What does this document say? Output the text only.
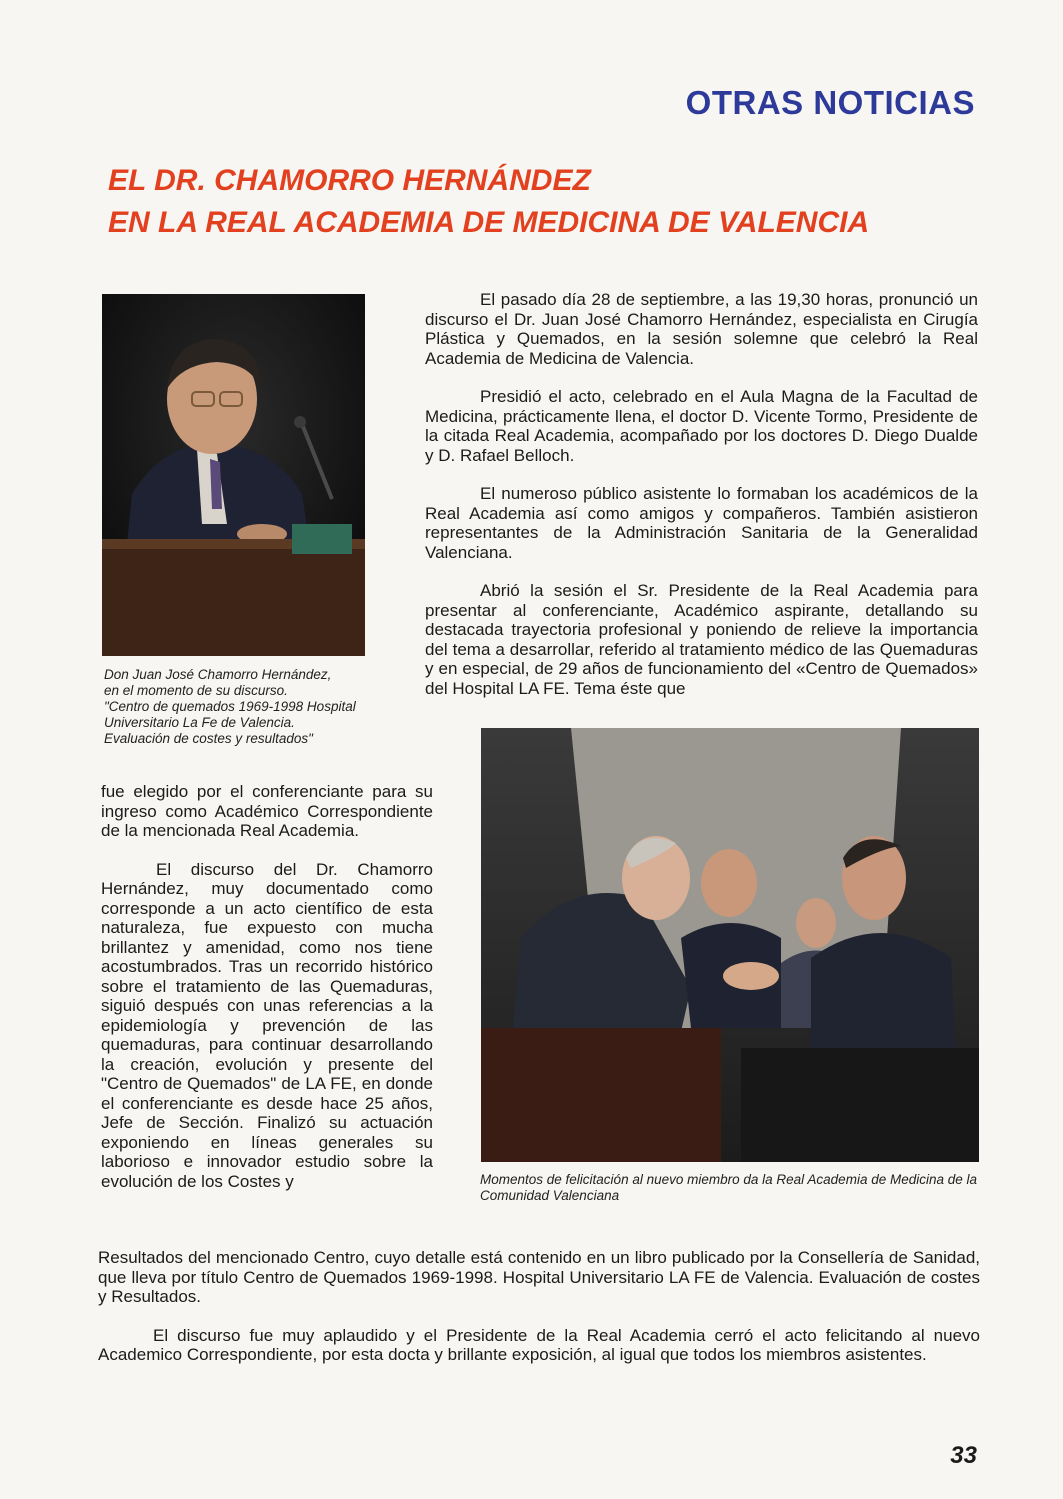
OTRAS NOTICIAS
EL DR. CHAMORRO HERNÁNDEZ
EN LA REAL ACADEMIA DE MEDICINA DE VALENCIA
Don Juan José Chamorro Hernández,
en el momento de su discurso.
"Centro de quemados 1969-1998 Hospital
Universitario La Fe de Valencia.
Evaluación de costes y resultados"
Momentos de felicitación al nuevo miembro da la Real Academia de Medicina de la Comunidad Valenciana

El pasado día 28 de septiembre, a las 19,30 horas, pronunció un discurso el Dr. Juan José Chamorro Hernández, especialista en Cirugía Plástica y Quemados, en la sesión solemne que celebró la Real Academia de Medicina de Valencia.

Presidió el acto, celebrado en el Aula Magna de la Facultad de Medicina, prácticamente llena, el doctor D. Vicente Tormo, Presidente de la citada Real Academia, acompañado por los doctores D. Diego Dualde y D. Rafael Belloch.

El numeroso público asistente lo formaban los académicos de la Real Academia así como amigos y compañeros. También asistieron representantes de la Administración Sanitaria de la Generalidad Valenciana.

Abrió la sesión el Sr. Presidente de la Real Academia para presentar al conferenciante, Académico aspirante, detallando su destacada trayectoria profesional y poniendo de relieve la importancia del tema a desarrollar, referido al tratamiento médico de las Quemaduras y en especial, de 29 años de funcionamiento del «Centro de Quemados» del Hospital LA FE. Tema éste que

fue elegido por el conferenciante para su ingreso como Académico Correspondiente de la mencionada Real Academia.

El discurso del Dr. Chamorro Hernández, muy documentado como corresponde a un acto científico de esta naturaleza, fue expuesto con mucha brillantez y amenidad, como nos tiene acostumbrados. Tras un recorrido histórico sobre el tratamiento de las Quemaduras, siguió después con unas referencias a la epidemiología y prevención de las quemaduras, para continuar desarrollando la creación, evolución y presente del "Centro de Quemados" de LA FE, en donde el conferenciante es desde hace 25 años, Jefe de Sección. Finalizó su actuación exponiendo en líneas generales su laborioso e innovador estudio sobre la evolución de los Costes y

Resultados del mencionado Centro, cuyo detalle está contenido en un libro publicado por la Consellería de Sanidad, que lleva por título Centro de Quemados 1969-1998. Hospital Universitario LA FE de Valencia. Evaluación de costes y Resultados.

El discurso fue muy aplaudido y el Presidente de la Real Academia cerró el acto felicitando al nuevo Academico Correspondiente, por esta docta y brillante exposición, al igual que todos los miembros asistentes.

33
